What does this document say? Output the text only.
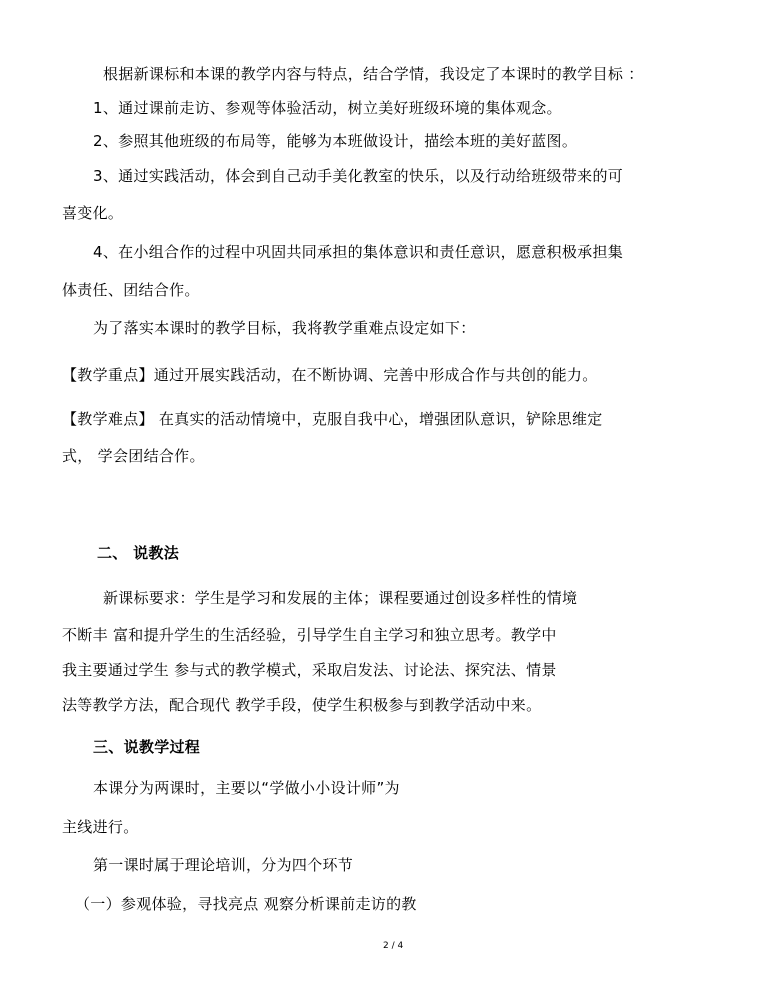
根据新课标和本课的教学内容与特点，结合学情，我设定了本课时的教学目标 ：
1、通过课前走访、参观等体验活动，树立美好班级环境的集体观念。
2、参照其他班级的布局等，能够为本班做设计，描绘本班的美好蓝图。
3、通过实践活动，体会到自己动手美化教室的快乐，以及行动给班级带来的可
喜变化。
4、在小组合作的过程中巩固共同承担的集体意识和责任意识，愿意积极承担集
体责任、团结合作。
为了落实本课时的教学目标，我将教学重难点设定如下：
【教学重点】通过开展实践活动，在不断协调、完善中形成合作与共创的能力。
【教学难点】 在真实的活动情境中，克服自我中心，增强团队意识，铲除思维定
式， 学会团结合作。
二、 说教法
新课标要求：学生是学习和发展的主体；课程要通过创设多样性的情境
不断丰 富和提升学生的生活经验，引导学生自主学习和独立思考。教学中
我主要通过学生 参与式的教学模式，采取启发法、讨论法、探究法、情景
法等教学方法，配合现代 教学手段，使学生积极参与到教学活动中来。
三、说教学过程
本课分为两课时，主要以“学做小小设计师”为
主线进行。
第一课时属于理论培训，分为四个环节
（一）参观体验，寻找亮点 观察分析课前走访的教
2 / 4
